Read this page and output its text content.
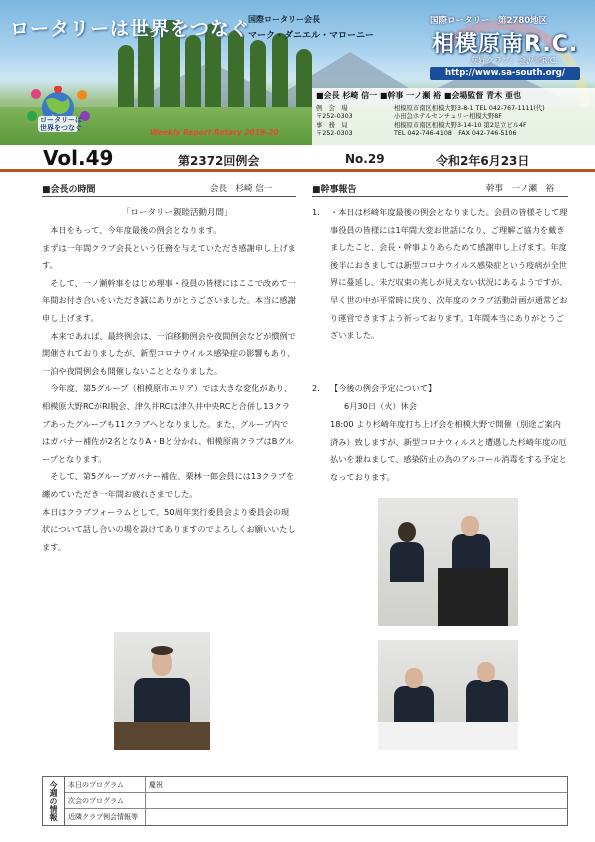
ロータリーは世界をつなぐ
国際ロータリー会長
マーク・ダニエル・マローニー
国際ロータリー　第2780地区
相模原南R.C.
友好クラブ：金沢北R.C.
http://www.sa-south.org/
ロータリーは
世界をつなぐ	Weekly Report Rotary 2019-20
■会長 杉崎 信一 ■幹事 一ノ瀬 裕 ■会場監督 青木 亜也
例　会　場	相模原市南区相模大野3-8-1 TEL 042-767-1111(代)
〒252-0303	小田急ホテルセンチュリー相模大野8F
事　務　局	相模原市南区相模大野3-14-10 第2足立ビル4F
〒252-0303	TEL 042-746-4108　FAX 042-746-5106
Vol.49	第2372回例会	No.29	令和2年6月23日
■会長の時間	会長　杉崎 信一
「ロータリー親睦活動月間」

　本日をもって、今年度最後の例会となります。

まずは一年間クラブ会長という任務を与えていただき感謝申し上げます。

　そして、一ノ瀬幹事をはじめ理事・役員の皆様にはここで改めて一年間お付き合いをいただき誠にありがとうございました。本当に感謝申し上げます。

　本来であれば、最終例会は、一泊移動例会や夜間例会などが慣例で開催されておりましたが、新型コロナウイルス感染症の影響もあり、一泊や夜間例会も開催しないこととなりました。

　今年度、第5グループ（相模原市エリア）では大きな変化があり、相模原大野RCがRI脱会、津久井RCは津久井中央RCと合併し13クラブあったグループも11クラブへとなりました。また、グループ内ではガバナー補佐が2名となりA・Bと分かれ、相模原南クラブはBグループとなります。

　そして、第5グループガバナー補佐、栗林一郎会員には13クラブを纏めていただき一年間お疲れさまでした。

本日はクラブフォーラムとして、50周年実行委員会より委員会の現状について話し合いの場を設けてありますのでよろしくお願いいたします。

■幹事報告	幹事　一ノ瀬　裕
1.	・本日は杉崎年度最後の例会となりました。会員の皆様そして理事役員の皆様には1年間大変お世話になり、ご理解ご協力を戴きましたこと、会長・幹事よりあらためて感謝申し上げます。年度後半におきましては新型コロナウイルス感染症という疫病が全世界に蔓延し、未だ収束の兆しが見えない状況にあるようですが、早く世の中が平常時に戻り、次年度のクラブ活動計画が通常どおり運営できますよう祈っております。1年間本当にありがとうございました。
2.	【今後の例会予定について】
6月30日（火）休会
18:00 より杉崎年度打ち上げ会を相模大野で開催（別途ご案内済み）致しますが、新型コロナウィルスと遭遇した杉崎年度の厄払いを兼ねまして、感染防止の為のアルコール消毒をする予定となっております。
今週の情報	本日のプログラム	慶祝
次会のプログラム
近隣クラブ例会情報等
